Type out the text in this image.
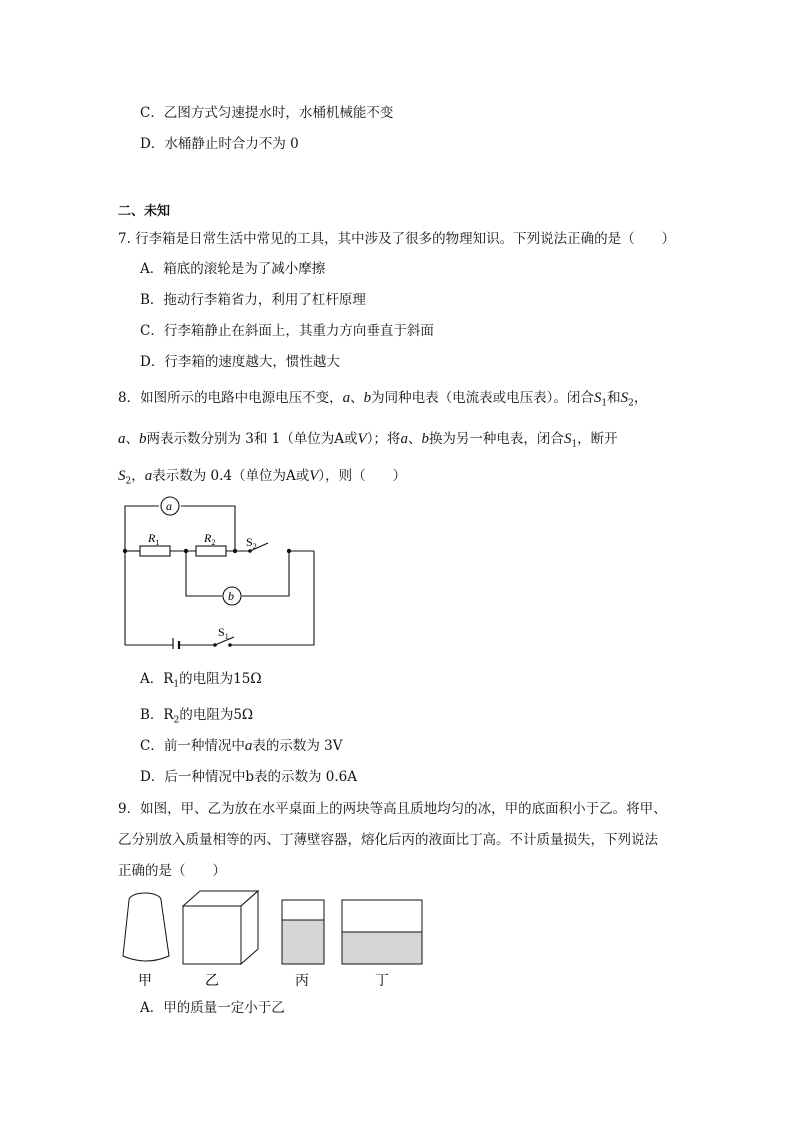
C．乙图方式匀速提水时，水桶机械能不变
D．水桶静止时合力不为 0
二、未知
7. 行李箱是日常生活中常见的工具，其中涉及了很多的物理知识。下列说法正确的是（　　）
A．箱底的滚轮是为了减小摩擦
B．拖动行李箱省力，利用了杠杆原理
C．行李箱静止在斜面上，其重力方向垂直于斜面
D．行李箱的速度越大，惯性越大
8．如图所示的电路中电源电压不变，a、b为同种电表（电流表或电压表）。闭合$S_1$和$S_2$，
a、b两表示数分别为 3和 1（单位为A或V）；将a、b换为另一种电表，闭合$S_1$，断开
$S_2$，a表示数为 0.4（单位为A或V），则（　　）
a
b
$R_1$	$R_2$	$S_2$
$S_1$
A．$R_1$的电阻为15Ω
B．$R_2$的电阻为5Ω
C．前一种情况中a表的示数为 3V
D．后一种情况中b表的示数为 0.6A
9．如图，甲、乙为放在水平桌面上的两块等高且质地均匀的冰，甲的底面积小于乙。将甲、
乙分别放入质量相等的丙、丁薄壁容器，熔化后丙的液面比丁高。不计质量损失，下列说法
正确的是（　　）
甲	乙	丙	丁
A．甲的质量一定小于乙
